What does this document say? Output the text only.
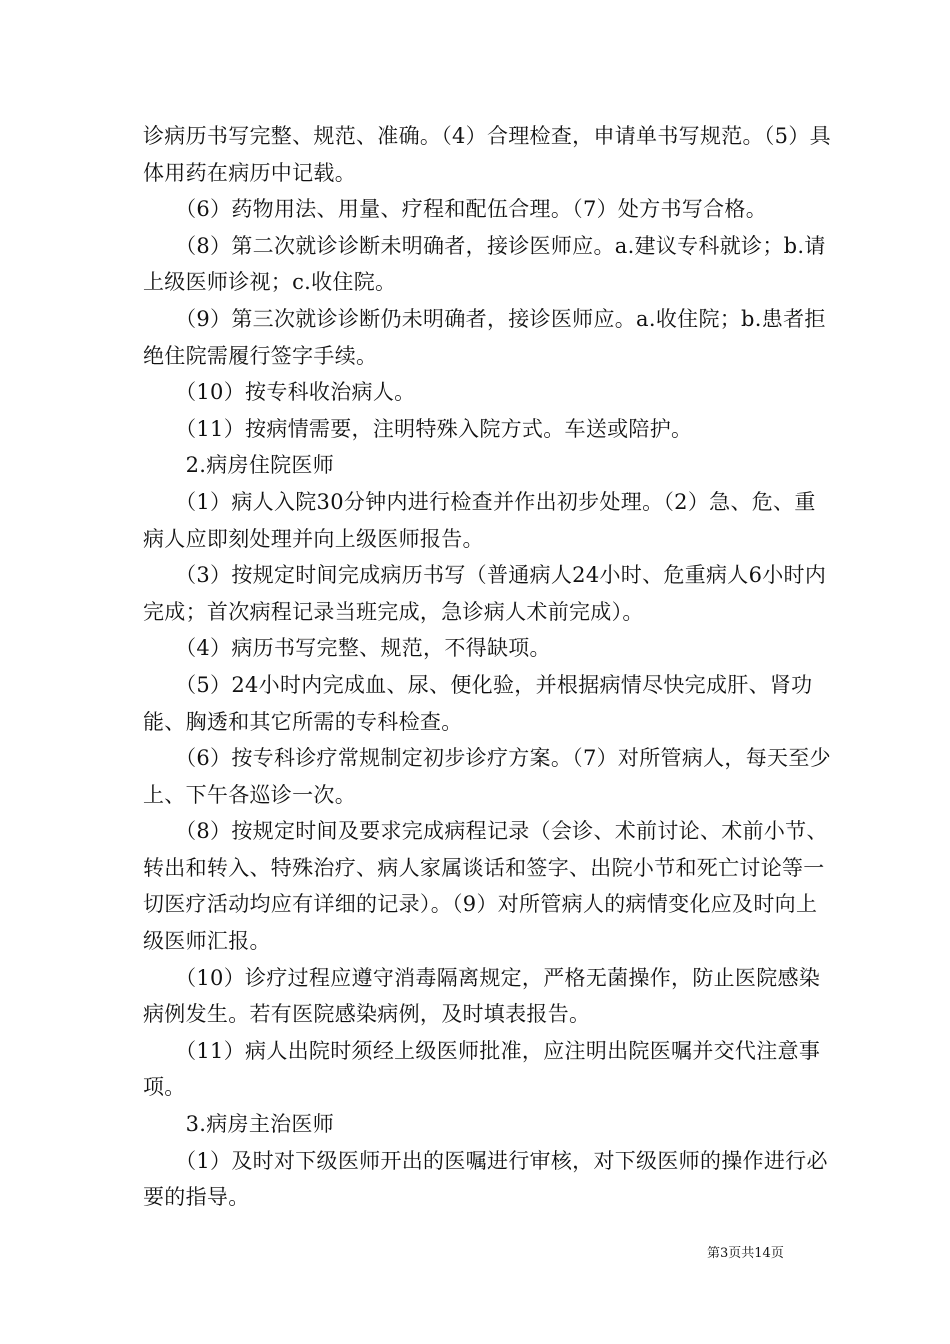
诊病历书写完整、规范、准确。（4）合理检查，申请单书写规范。（5）具体用药在病历中记载。

　　（6）药物用法、用量、疗程和配伍合理。（7）处方书写合格。

　　（8）第二次就诊诊断未明确者，接诊医师应。a.建议专科就诊；b.请上级医师诊视；c.收住院。

　　（9）第三次就诊诊断仍未明确者，接诊医师应。a.收住院；b.患者拒绝住院需履行签字手续。

　　（10）按专科收治病人。

　　（11）按病情需要，注明特殊入院方式。车送或陪护。

　　2.病房住院医师

　　（1）病人入院30分钟内进行检查并作出初步处理。（2）急、危、重病人应即刻处理并向上级医师报告。

　　（3）按规定时间完成病历书写（普通病人24小时、危重病人6小时内完成；首次病程记录当班完成，急诊病人术前完成）。

　　（4）病历书写完整、规范，不得缺项。

　　（5）24小时内完成血、尿、便化验，并根据病情尽快完成肝、肾功能、胸透和其它所需的专科检查。

　　（6）按专科诊疗常规制定初步诊疗方案。（7）对所管病人，每天至少上、下午各巡诊一次。

　　（8）按规定时间及要求完成病程记录（会诊、术前讨论、术前小节、转出和转入、特殊治疗、病人家属谈话和签字、出院小节和死亡讨论等一切医疗活动均应有详细的记录）。（9）对所管病人的病情变化应及时向上级医师汇报。

　　（10）诊疗过程应遵守消毒隔离规定，严格无菌操作，防止医院感染病例发生。若有医院感染病例，及时填表报告。

　　（11）病人出院时须经上级医师批准，应注明出院医嘱并交代注意事项。

　　3.病房主治医师

　　（1）及时对下级医师开出的医嘱进行审核，对下级医师的操作进行必要的指导。

第3页共14页
